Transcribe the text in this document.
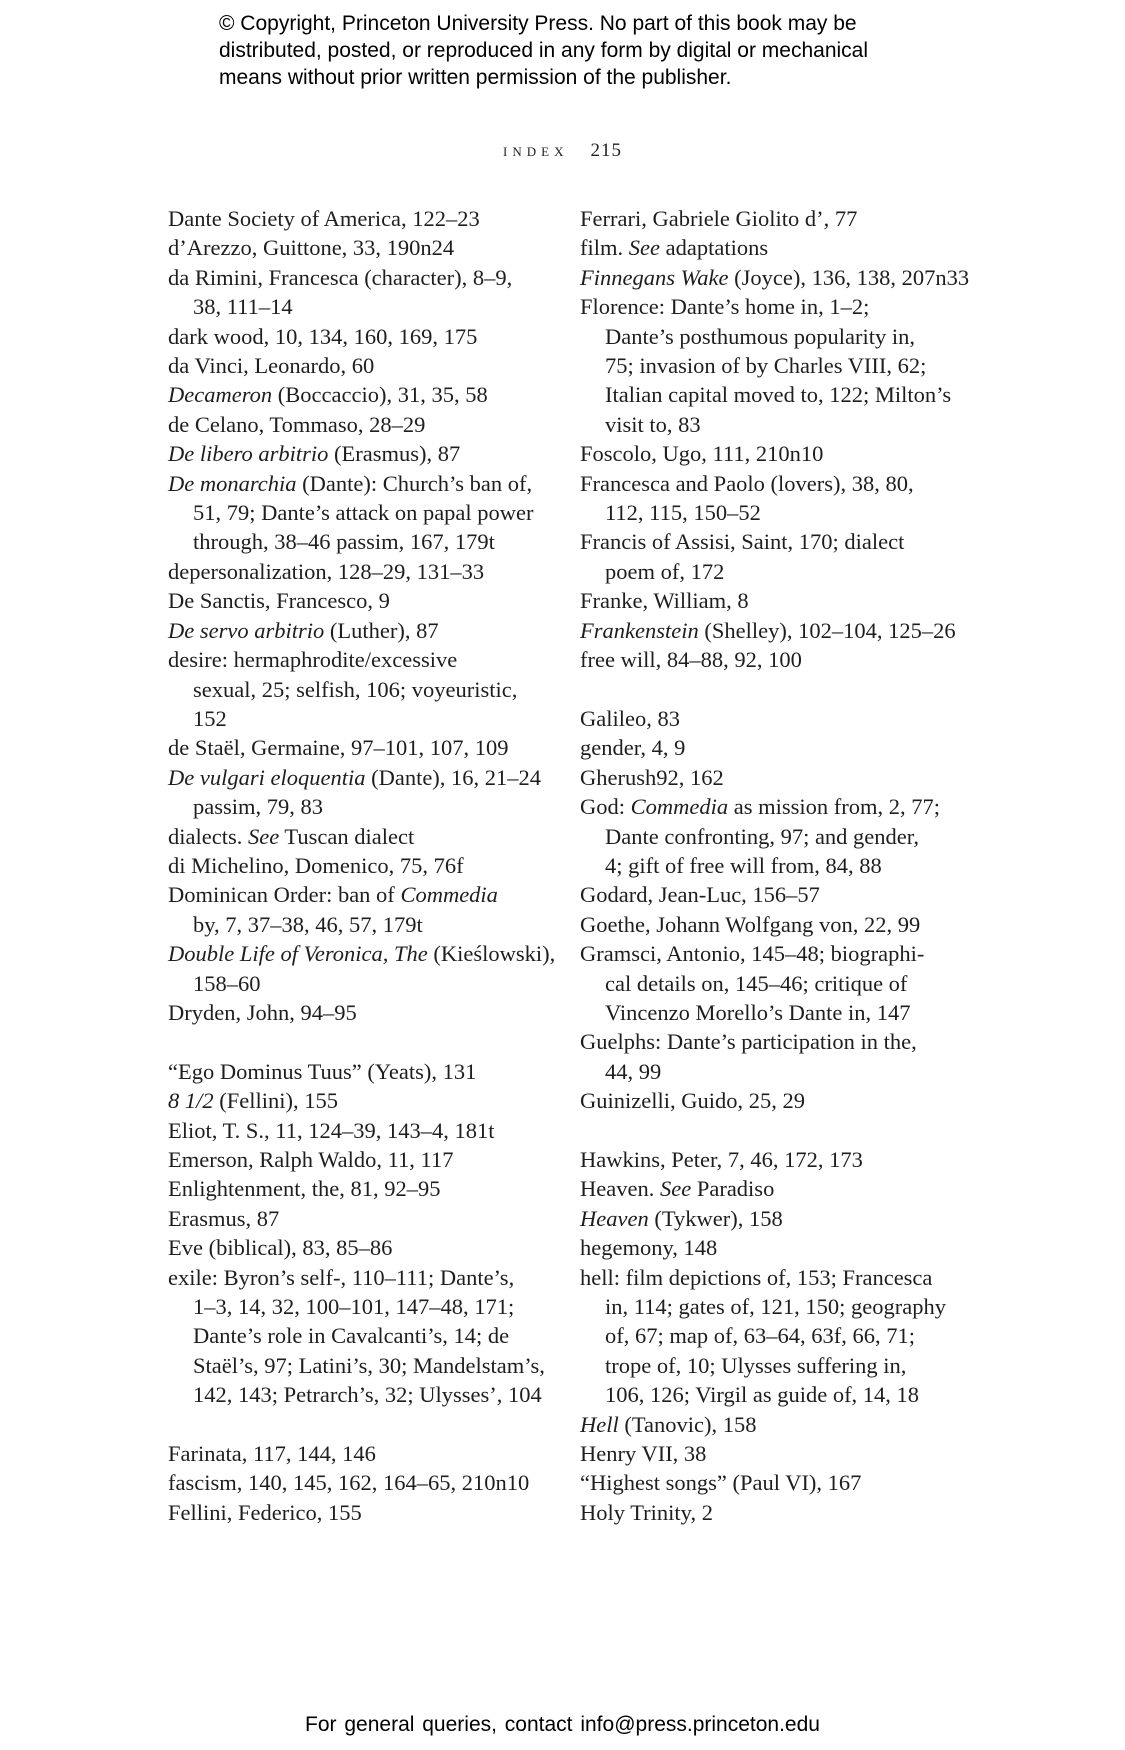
© Copyright, Princeton University Press. No part of this book may be
distributed, posted, or reproduced in any form by digital or mechanical
means without prior written permission of the publisher.
index 215
Dante Society of America, 122–23
d’Arezzo, Guittone, 33, 190n24
da Rimini, Francesca (character), 8–9,
38, 111–14
dark wood, 10, 134, 160, 169, 175
da Vinci, Leonardo, 60
Decameron (Boccaccio), 31, 35, 58
de Celano, Tommaso, 28–29
De libero arbitrio (Erasmus), 87
De monarchia (Dante): Church’s ban of,
51, 79; Dante’s attack on papal power
through, 38–46 passim, 167, 179t
depersonalization, 128–29, 131–33
De Sanctis, Francesco, 9
De servo arbitrio (Luther), 87
desire: hermaphrodite/excessive
sexual, 25; selfish, 106; voyeuristic,
152
de Staël, Germaine, 97–101, 107, 109
De vulgari eloquentia (Dante), 16, 21–24
passim, 79, 83
dialects. See Tuscan dialect
di Michelino, Domenico, 75, 76f
Dominican Order: ban of Commedia
by, 7, 37–38, 46, 57, 179t
Double Life of Veronica, The (Kieślowski),
158–60
Dryden, John, 94–95
“Ego Dominus Tuus” (Yeats), 131
8 1/2 (Fellini), 155
Eliot, T. S., 11, 124–39, 143–4, 181t
Emerson, Ralph Waldo, 11, 117
Enlightenment, the, 81, 92–95
Erasmus, 87
Eve (biblical), 83, 85–86
exile: Byron’s self-, 110–111; Dante’s,
1–3, 14, 32, 100–101, 147–48, 171;
Dante’s role in Cavalcanti’s, 14; de
Staël’s, 97; Latini’s, 30; Mandelstam’s,
142, 143; Petrarch’s, 32; Ulysses’, 104
Farinata, 117, 144, 146
fascism, 140, 145, 162, 164–65, 210n10
Fellini, Federico, 155
Ferrari, Gabriele Giolito d’, 77
film. See adaptations
Finnegans Wake (Joyce), 136, 138, 207n33
Florence: Dante’s home in, 1–2;
Dante’s posthumous popularity in,
75; invasion of by Charles VIII, 62;
Italian capital moved to, 122; Milton’s
visit to, 83
Foscolo, Ugo, 111, 210n10
Francesca and Paolo (lovers), 38, 80,
112, 115, 150–52
Francis of Assisi, Saint, 170; dialect
poem of, 172
Franke, William, 8
Frankenstein (Shelley), 102–104, 125–26
free will, 84–88, 92, 100
Galileo, 83
gender, 4, 9
Gherush92, 162
God: Commedia as mission from, 2, 77;
Dante confronting, 97; and gender,
4; gift of free will from, 84, 88
Godard, Jean-Luc, 156–57
Goethe, Johann Wolfgang von, 22, 99
Gramsci, Antonio, 145–48; biographi-
cal details on, 145–46; critique of
Vincenzo Morello’s Dante in, 147
Guelphs: Dante’s participation in the,
44, 99
Guinizelli, Guido, 25, 29
Hawkins, Peter, 7, 46, 172, 173
Heaven. See Paradiso
Heaven (Tykwer), 158
hegemony, 148
hell: film depictions of, 153; Francesca
in, 114; gates of, 121, 150; geography
of, 67; map of, 63–64, 63f, 66, 71;
trope of, 10; Ulysses suffering in,
106, 126; Virgil as guide of, 14, 18
Hell (Tanovic), 158
Henry VII, 38
“Highest songs” (Paul VI), 167
Holy Trinity, 2
For general queries, contact info@press.princeton.edu
